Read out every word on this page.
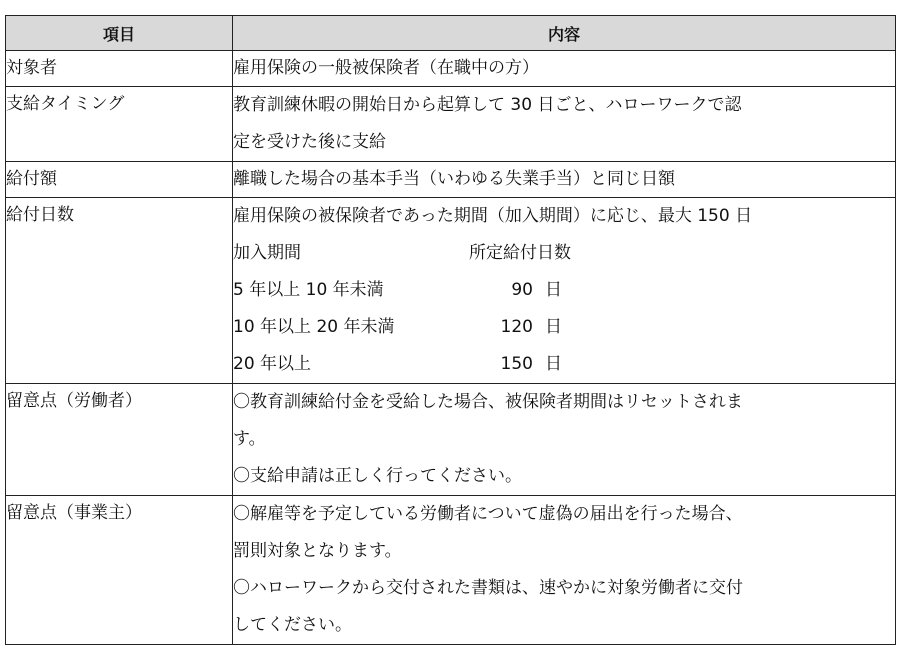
項目	内容
対象者	雇用保険の一般被保険者（在職中の方）

支給タイミング	教育訓練休暇の開始日から起算して 30 日ごと、ハローワークで認
定を受けた後に支給

給付額	離職した場合の基本手当（いわゆる失業手当）と同じ日額

給付日数	雇用保険の被保険者であった期間（加入期間）に応じ、最大 150 日
加入期間 所定給付日数
5 年以上 10 年未満 90 日
10 年以上 20 年未満 120 日
20 年以上 150 日

留意点（労働者）	〇教育訓練給付金を受給した場合、被保険者期間はリセットされま
す。
〇支給申請は正しく行ってください。

留意点（事業主）	〇解雇等を予定している労働者について虚偽の届出を行った場合、
罰則対象となります。
〇ハローワークから交付された書類は、速やかに対象労働者に交付
してください。
